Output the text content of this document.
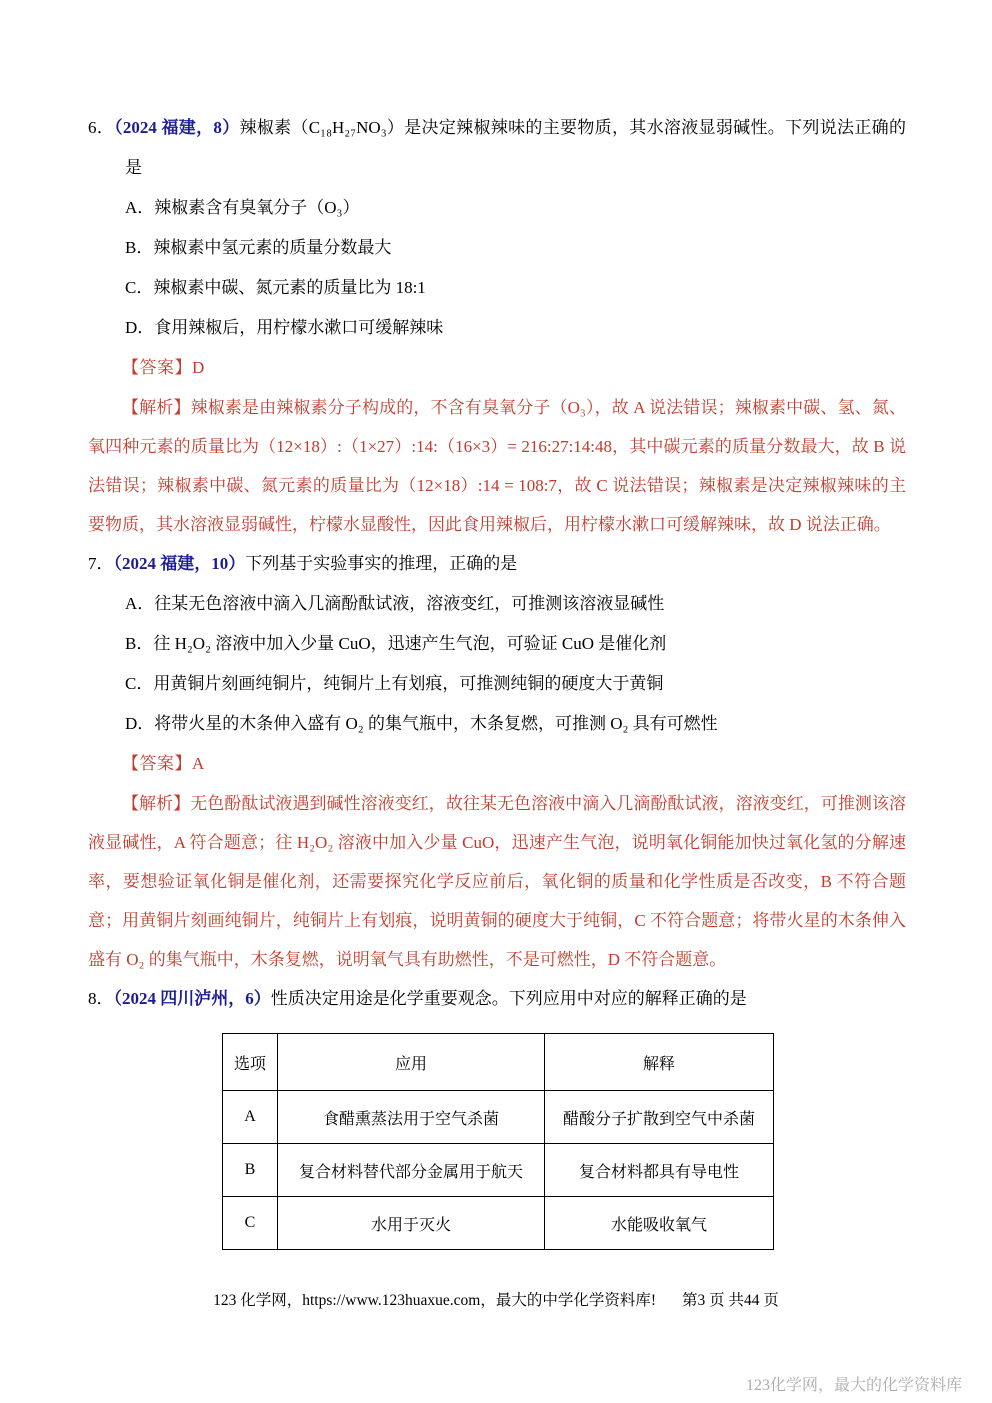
6．（2024 福建，8）辣椒素（C₁₈H₂₇NO₃）是决定辣椒辣味的主要物质，其水溶液显弱碱性。下列说法正确的是

A．辣椒素含有臭氧分子（O₃）

B．辣椒素中氢元素的质量分数最大

C．辣椒素中碳、氮元素的质量比为 18:1

D．食用辣椒后，用柠檬水漱口可缓解辣味

【答案】D

【解析】辣椒素是由辣椒素分子构成的，不含有臭氧分子（O₃），故 A 说法错误；辣椒素中碳、氢、氮、氧四种元素的质量比为（12×18）:（1×27）:14:（16×3）= 216:27:14:48，其中碳元素的质量分数最大，故 B 说法错误；辣椒素中碳、氮元素的质量比为（12×18）:14 = 108:7，故 C 说法错误；辣椒素是决定辣椒辣味的主要物质，其水溶液显弱碱性，柠檬水显酸性，因此食用辣椒后，用柠檬水漱口可缓解辣味，故 D 说法正确。

7．（2024 福建，10）下列基于实验事实的推理，正确的是

A．往某无色溶液中滴入几滴酚酞试液，溶液变红，可推测该溶液显碱性

B．往 H₂O₂ 溶液中加入少量 CuO，迅速产生气泡，可验证 CuO 是催化剂

C．用黄铜片刻画纯铜片，纯铜片上有划痕，可推测纯铜的硬度大于黄铜

D．将带火星的木条伸入盛有 O₂ 的集气瓶中，木条复燃，可推测 O₂ 具有可燃性

【答案】A

【解析】无色酚酞试液遇到碱性溶液变红，故往某无色溶液中滴入几滴酚酞试液，溶液变红，可推测该溶液显碱性，A 符合题意；往 H₂O₂ 溶液中加入少量 CuO，迅速产生气泡，说明氧化铜能加快过氧化氢的分解速率，要想验证氧化铜是催化剂，还需要探究化学反应前后，氧化铜的质量和化学性质是否改变，B 不符合题意；用黄铜片刻画纯铜片，纯铜片上有划痕，说明黄铜的硬度大于纯铜，C 不符合题意；将带火星的木条伸入盛有 O₂ 的集气瓶中，木条复燃，说明氧气具有助燃性，不是可燃性，D 不符合题意。

8．（2024 四川泸州，6）性质决定用途是化学重要观念。下列应用中对应的解释正确的是

选项	应用	解释
A	食醋熏蒸法用于空气杀菌	醋酸分子扩散到空气中杀菌
B	复合材料替代部分金属用于航天	复合材料都具有导电性
C	水用于灭火	水能吸收氧气
123 化学网，https://www.123huaxue.com，最大的中学化学资料库! 第3 页 共44 页
123化学网，最大的化学资料库
